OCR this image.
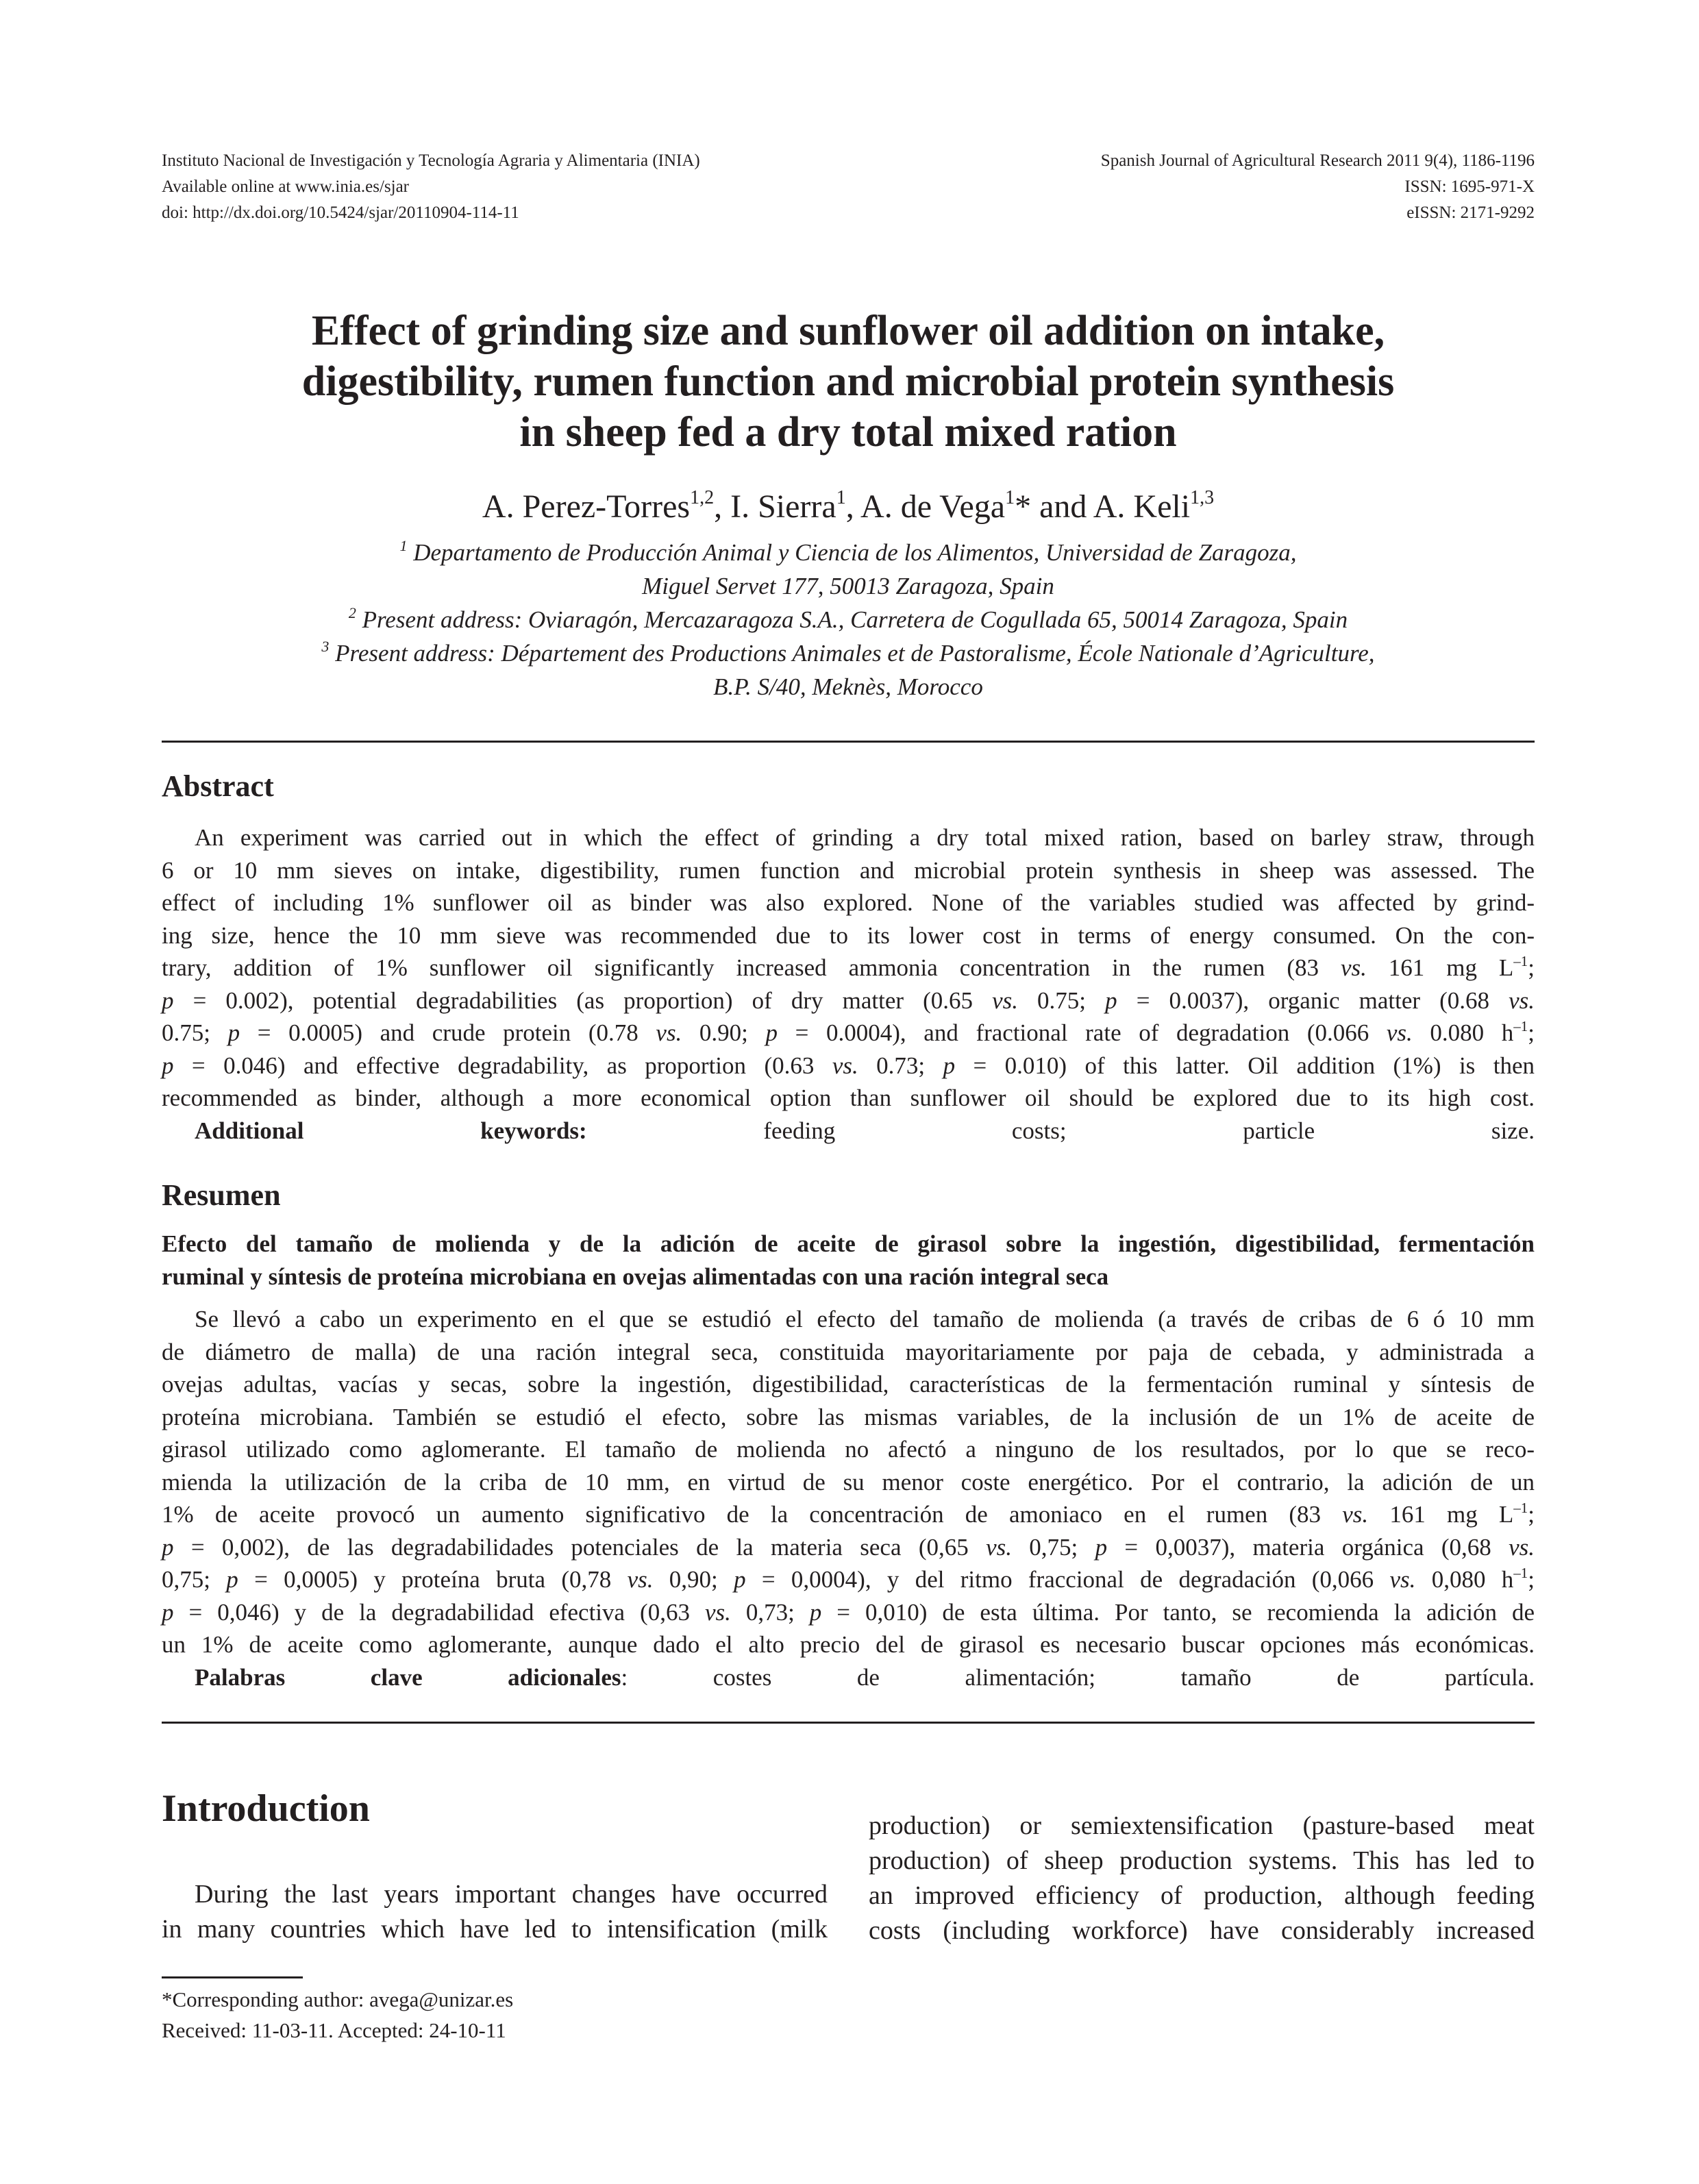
Instituto Nacional de Investigación y Tecnología Agraria y Alimentaria (INIA)
Available online at www.inia.es/sjar
doi: http://dx.doi.org/10.5424/sjar/20110904-114-11
Spanish Journal of Agricultural Research 2011 9(4), 1186-1196
ISSN: 1695-971-X
eISSN: 2171-9292
Effect of grinding size and sunflower oil addition on intake,
digestibility, rumen function and microbial protein synthesis
in sheep fed a dry total mixed ration
A. Perez-Torres$^{1,2}$, I. Sierra$^1$, A. de Vega$^1$* and A. Keli$^{1,3}$
$^1$ Departamento de Producción Animal y Ciencia de los Alimentos, Universidad de Zaragoza,
Miguel Servet 177, 50013 Zaragoza, Spain
$^2$ Present address: Oviaragón, Mercazaragoza S.A., Carretera de Cogullada 65, 50014 Zaragoza, Spain
$^3$ Present address: Département des Productions Animales et de Pastoralisme, École Nationale d’Agriculture,
B.P. S/40, Meknès, Morocco
Abstract
An experiment was carried out in which the effect of grinding a dry total mixed ration, based on barley straw, through
6 or 10 mm sieves on intake, digestibility, rumen function and microbial protein synthesis in sheep was assessed. The
effect of including 1% sunflower oil as binder was also explored. None of the variables studied was affected by grind-
ing size, hence the 10 mm sieve was recommended due to its lower cost in terms of energy consumed. On the con-
trary, addition of 1% sunflower oil significantly increased ammonia concentration in the rumen (83 vs. 161 mg $L^{-1}$;
p = 0.002), potential degradabilities (as proportion) of dry matter (0.65 vs. 0.75; p = 0.0037), organic matter (0.68 vs.
0.75; p = 0.0005) and crude protein (0.78 vs. 0.90; p = 0.0004), and fractional rate of degradation (0.066 vs. 0.080 $h^{-1}$;
p = 0.046) and effective degradability, as proportion (0.63 vs. 0.73; p = 0.010) of this latter. Oil addition (1%) is then
recommended as binder, although a more economical option than sunflower oil should be explored due to its high cost.
Additional keywords: feeding costs; particle size.
Resumen
Efecto del tamaño de molienda y de la adición de aceite de girasol sobre la ingestión, digestibilidad, fermentación
ruminal y síntesis de proteína microbiana en ovejas alimentadas con una ración integral seca
Se llevó a cabo un experimento en el que se estudió el efecto del tamaño de molienda (a través de cribas de 6 ó 10 mm
de diámetro de malla) de una ración integral seca, constituida mayoritariamente por paja de cebada, y administrada a
ovejas adultas, vacías y secas, sobre la ingestión, digestibilidad, características de la fermentación ruminal y síntesis de
proteína microbiana. También se estudió el efecto, sobre las mismas variables, de la inclusión de un 1% de aceite de
girasol utilizado como aglomerante. El tamaño de molienda no afectó a ninguno de los resultados, por lo que se reco-
mienda la utilización de la criba de 10 mm, en virtud de su menor coste energético. Por el contrario, la adición de un
1% de aceite provocó un aumento significativo de la concentración de amoniaco en el rumen (83 vs. 161 mg $L^{-1}$;
p = 0,002), de las degradabilidades potenciales de la materia seca (0,65 vs. 0,75; p = 0,0037), materia orgánica (0,68 vs.
0,75; p = 0,0005) y proteína bruta (0,78 vs. 0,90; p = 0,0004), y del ritmo fraccional de degradación (0,066 vs. 0,080 $h^{-1}$;
p = 0,046) y de la degradabilidad efectiva (0,63 vs. 0,73; p = 0,010) de esta última. Por tanto, se recomienda la adición de
un 1% de aceite como aglomerante, aunque dado el alto precio del de girasol es necesario buscar opciones más económicas.
Palabras clave adicionales: costes de alimentación; tamaño de partícula.
Introduction
During the last years important changes have occurred
in many countries which have led to intensification (milk
production) or semiextensification (pasture-based meat
production) of sheep production systems. This has led to
an improved efficiency of production, although feeding
costs (including workforce) have considerably increased
*Corresponding author: avega@unizar.es
Received: 11-03-11. Accepted: 24-10-11
